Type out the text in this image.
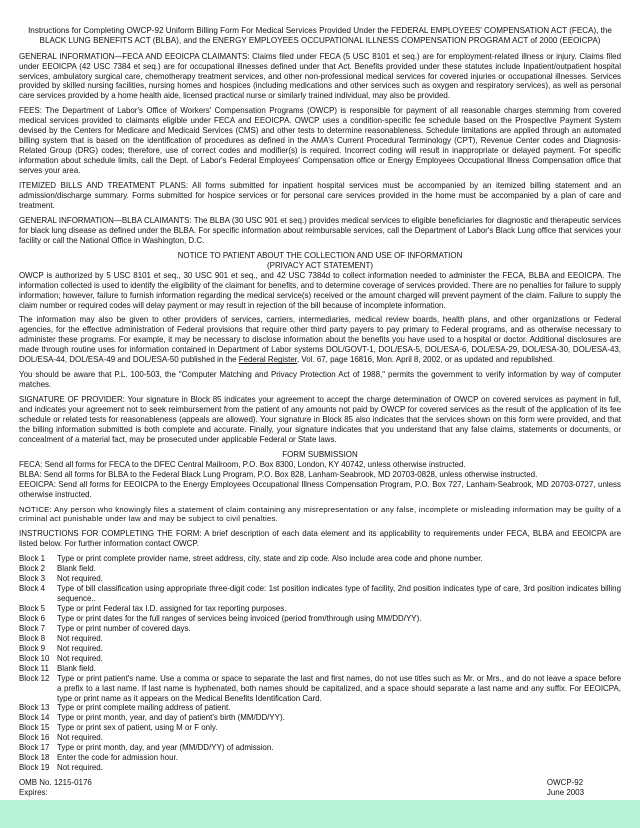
Instructions for Completing OWCP-92 Uniform Billing Form For Medical Services Provided Under the FEDERAL EMPLOYEES' COMPENSATION ACT (FECA), the BLACK LUNG BENEFITS ACT (BLBA), and the ENERGY EMPLOYEES OCCUPATIONAL ILLNESS COMPENSATION PROGRAM ACT of 2000 (EEOICPA)

GENERAL INFORMATION—FECA AND EEOICPA CLAIMANTS: Claims filed under FECA (5 USC 8101 et seq.) are for employment-related illness or injury. Claims filed under EEOICPA (42 USC 7384 et seq.) are for occupational illnesses defined under that Act. Benefits provided under these statutes include Inpatient/outpatient hospital services, ambulatory surgical care, chemotherapy treatment services, and other non-professional medical services for covered injuries or occupational illnesses. Services provided by skilled nursing facilities, nursing homes and hospices (including medications and other services such as oxygen and respiratory services), as well as personal care services provided by a home health aide, licensed practical nurse or similarly trained individual, may also be provided.

FEES: The Department of Labor's Office of Workers' Compensation Programs (OWCP) is responsible for payment of all reasonable charges stemming from covered medical services provided to claimants eligible under FECA and EEOICPA. OWCP uses a condition-specific fee schedule based on the Prospective Payment System devised by the Centers for Medicare and Medicaid Services (CMS) and other tests to determine reasonableness. Schedule limitations are applied through an automated billing system that is based on the identification of procedures as defined in the AMA's Current Procedural Terminology (CPT), Revenue Center codes and Diagnosis-Related Group (DRG) codes; therefore, use of correct codes and modifier(s) is required. Incorrect coding will result in inappropriate or delayed payment. For specific information about schedule limits, call the Dept. of Labor's Federal Employees' Compensation office or Energy Employees Occupational Illness Compensation office that serves your area.

ITEMIZED BILLS AND TREATMENT PLANS: All forms submitted for inpatient hospital services must be accompanied by an itemized billing statement and an admission/discharge summary. Forms submitted for hospice services or for personal care services provided in the home must be accompanied by a plan of care and treatment.

GENERAL INFORMATION—BLBA CLAIMANTS: The BLBA (30 USC 901 et seq.) provides medical services to eligible beneficiaries for diagnostic and therapeutic services for black lung disease as defined under the BLBA. For specific information about reimbursable services, call the Department of Labor's Black Lung office that services your facility or call the National Office in Washington, D.C.

NOTICE TO PATIENT ABOUT THE COLLECTION AND USE OF INFORMATION
(PRIVACY ACT STATEMENT)

OWCP is authorized by 5 USC 8101 et seq., 30 USC 901 et seq., and 42 USC 7384d to collect information needed to administer the FECA, BLBA and EEOICPA. The information collected is used to identify the eligibility of the claimant for benefits, and to determine coverage of services provided. There are no penalties for failure to supply information; however, failure to furnish information regarding the medical service(s) received or the amount charged will prevent payment of the claim. Failure to supply the claim number or required codes will delay payment or may result in rejection of the bill because of incomplete information.

The information may also be given to other providers of services, carriers, intermediaries, medical review boards, health plans, and other organizations or Federal agencies, for the effective administration of Federal provisions that require other third party payers to pay primary to Federal programs, and as otherwise necessary to administer these programs. For example, it may be necessary to disclose information about the benefits you have used to a hospital or doctor. Additional disclosures are made through routine uses for information contained in Department of Labor systems DOL/GOVT-1, DOL/ESA-5, DOL/ESA-6, DOL/ESA-29, DOL/ESA-30, DOL/ESA-43, DOL/ESA-44, DOL/ESA-49 and DOL/ESA-50 published in the Federal Register, Vol. 67, page 16816, Mon. April 8, 2002, or as updated and republished.

You should be aware that P.L. 100-503, the "Computer Matching and Privacy Protection Act of 1988," permits the government to verify information by way of computer matches.

SIGNATURE OF PROVIDER: Your signature in Block 85 indicates your agreement to accept the charge determination of OWCP on covered services as payment in full, and indicates your agreement not to seek reimbursement from the patient of any amounts not paid by OWCP for covered services as the result of the application of its fee schedule or related tests for reasonableness (appeals are allowed). Your signature in Block 85 also indicates that the services shown on this form were provided, and that the billing information submitted is both complete and accurate. Finally, your signature indicates that you understand that any false claims, statements or documents, or concealment of a material fact, may be prosecuted under applicable Federal or State laws.

FORM SUBMISSION

FECA: Send all forms for FECA to the DFEC Central Mailroom, P.O. Box 8300, London, KY 40742, unless otherwise instructed.

BLBA: Send all forms for BLBA to the Federal Black Lung Program, P.O. Box 828, Lanham-Seabrook, MD 20703-0828, unless otherwise instructed.

EEOICPA: Send all forms for EEOICPA to the Energy Employees Occupational Illness Compensation Program, P.O. Box 727, Lanham-Seabrook, MD 20703-0727, unless otherwise instructed.

NOTICE: Any person who knowingly files a statement of claim containing any misrepresentation or any false, incomplete or misleading information may be guilty of a criminal act punishable under law and may be subject to civil penalties.

INSTRUCTIONS FOR COMPLETING THE FORM: A brief description of each data element and its applicability to requirements under FECA, BLBA and EEOICPA are listed below. For further information contact OWCP.

Block 1	Type or print complete provider name, street address, city, state and zip code. Also include area code and phone number.
Block 2	Blank field.
Block 3	Not required.
Block 4	Type of bill classification using appropriate three-digit code: 1st position indicates type of facility, 2nd position indicates type of care, 3rd position indicates billing sequence..
Block 5	Type or print Federal tax I.D. assigned for tax reporting purposes.
Block 6	Type or print dates for the full ranges of services being invoiced (period from/through using MM/DD/YY).
Block 7	Type or print number of covered days.
Block 8	Not required.
Block 9	Not required.
Block 10 Not required.
Block 11	Blank field.
Block 12 Type or print patient's name. Use a comma or space to separate the last and first names, do not use titles such as Mr. or Mrs., and do not leave a space before a prefix to a last name. If last name is hyphenated, both names should be capitalized, and a space should separate a last name and any suffix. For EEOICPA, type or print name as it appears on the Medical Benefits Identification Card.
Block 13 Type or print complete mailing address of patient.
Block 14 Type or print month, year, and day of patient's birth (MM/DD/YY).
Block 15 Type or print sex of patient, using M or F only.
Block 16 Not required.
Block 17 Type or print month, day, and year (MM/DD/YY) of admission.
Block 18 Enter the code for admission hour.
Block 19 Not required.
OMB No. 1215-0176
Expires:
OWCP-92
June 2003
